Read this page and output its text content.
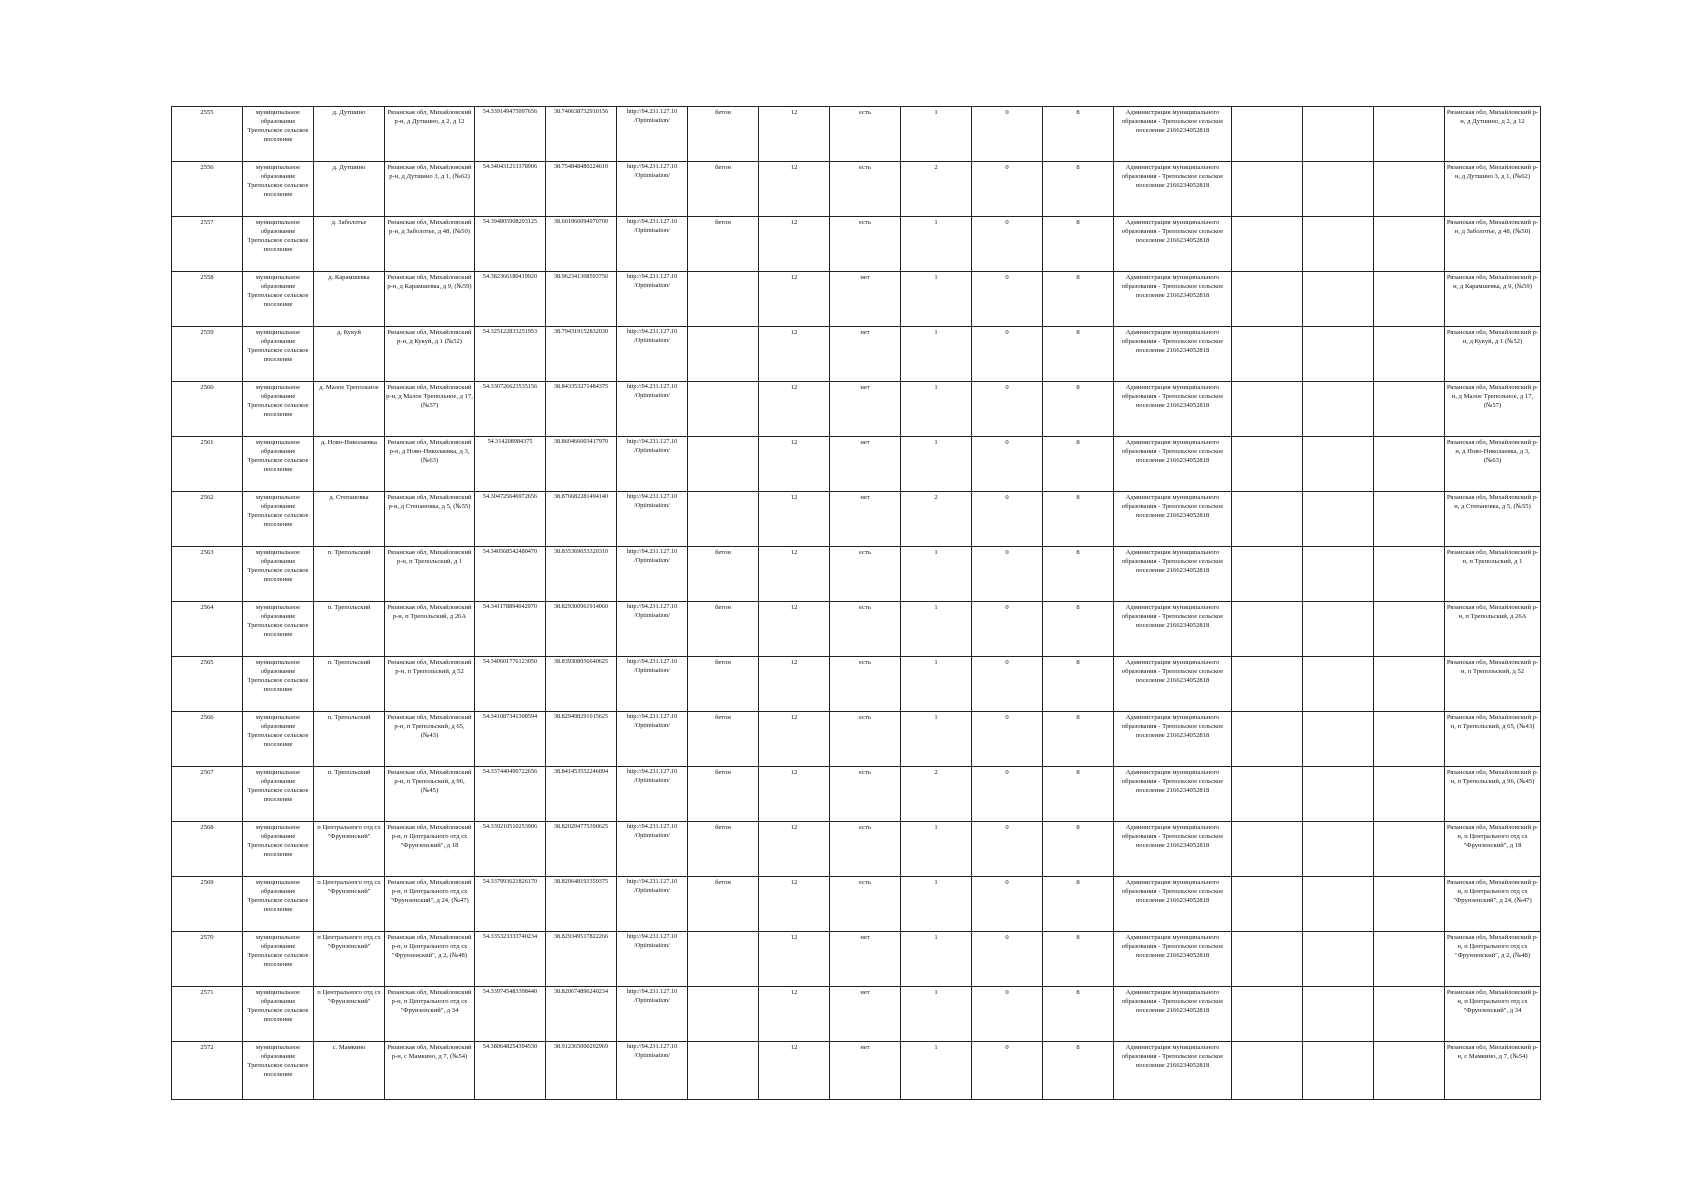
2555	муниципальное образование Трепольское сельское поселение	д. Дутшино	Рязанская обл, Михайловский р-н, д Дутшино, д 2, д 12	54.339149475097656	38.740638732910156	http://94.231.127.10 /Optimisation/	бетон	12	есть	1	0	8	Администрация муниципального образования - Трепольское сельское поселение 2166234052818				Рязанская обл, Михайловский р-н, д Дутшино, д 2, д 12
2556	муниципальное образование Трепольское сельское поселение	д. Дутшино	Рязанская обл, Михайловский р-н, д Дутшино 3, д 1, (№62)	54.340431213378906	38.754848480224610	http://94.231.127.10 /Optimisation/	бетон	12	есть	2	0	8	Администрация муниципального образования - Трепольское сельское поселение 2166234052818				Рязанская обл, Михайловский р-н, д Дутшино 3, д 1, (№62)
2557	муниципальное образование Трепольское сельское поселение	д. Заболотье	Рязанская обл, Михайловский р-н, д Заболотье, д 48, (№50)	54.394805908203125	38.601966094970700	http://94.231.127.10 /Optimisation/	бетон	12	есть	1	0	8	Администрация муниципального образования - Трепольское сельское поселение 2166234052818				Рязанская обл, Михайловский р-н, д Заболотье, д 48, (№50)
2558	муниципальное образование Трепольское сельское поселение	д. Карамшевка	Рязанская обл, Михайловский р-н, д Карамшевка, д 9, (№59)	54.382366180419920	38.962341308593750	http://94.231.127.10 /Optimisation/		12	нет	1	0	8	Администрация муниципального образования - Трепольское сельское поселение 2166234052818				Рязанская обл, Михайловский р-н, д Карамшевка, д 9, (№59)
2559	муниципальное образование Трепольское сельское поселение	д. Кукуй	Рязанская обл, Михайловский р-н, д Кукуй, д 1 (№52)	54.325122833251953	38.794319152832030	http://94.231.127.10 /Optimisation/		12	нет	1	0	8	Администрация муниципального образования - Трепольское сельское поселение 2166234052818				Рязанская обл, Михайловский р-н, д Кукуй, д 1 (№52)
2560	муниципальное образование Трепольское сельское поселение	д. Малое Трепольное	Рязанская обл, Михайловский р-н, д Малое Трепольное, д 17, (№57)	54.330726623535156	38.843353271484375	http://94.231.127.10 /Optimisation/		12	нет	1	0	8	Администрация муниципального образования - Трепольское сельское поселение 2166234052818				Рязанская обл, Михайловский р-н, д Малое Трепольное, д 17, (№57)
2561	муниципальное образование Трепольское сельское поселение	д. Ново-Николаевка	Рязанская обл, Михайловский р-н, д Ново-Николаевка, д 3, (№63)	54.314208984375	38.860466003417970	http://94.231.127.10 /Optimisation/		12	нет	1	0	8	Администрация муниципального образования - Трепольское сельское поселение 2166234052818				Рязанская обл, Михайловский р-н, д Ново-Николаевка, д 3, (№63)
2562	муниципальное образование Трепольское сельское поселение	д. Степановка	Рязанская обл, Михайловский р-н, д Степановка, д 5, (№55)	54.304725646972656	38.876682281494140	http://94.231.127.10 /Optimisation/		12	нет	2	0	8	Администрация муниципального образования - Трепольское сельское поселение 2166234052818				Рязанская обл, Михайловский р-н, д Степановка, д 5, (№55)
2563	муниципальное образование Трепольское сельское поселение	п. Трепольский	Рязанская обл, Михайловский р-н, п Трепольский, д 1	54.340568542480470	38.835369653320310	http://94.231.127.10 /Optimisation/	бетон	12	есть	1	0	8	Администрация муниципального образования - Трепольское сельское поселение 2166234052818				Рязанская обл, Михайловский р-н, п Трепольский, д 1
2564	муниципальное образование Трепольское сельское поселение	п. Трепольский	Рязанская обл, Михайловский р-н, п Трепольский, д 26А	54.341178894042970	38.829300961914060	http://94.231.127.10 /Optimisation/	бетон	12	есть	1	0	8	Администрация муниципального образования - Трепольское сельское поселение 2166234052818				Рязанская обл, Михайловский р-н, п Трепольский, д 26А
2565	муниципальное образование Трепольское сельское поселение	п. Трепольский	Рязанская обл, Михайловский р-н, п Трепольский, д 52	54.340601776123050	38.839308056640625	http://94.231.127.10 /Optimisation/	бетон	12	есть	1	0	8	Администрация муниципального образования - Трепольское сельское поселение 2166234052818				Рязанская обл, Михайловский р-н, п Трепольский, д 52
2566	муниципальное образование Трепольское сельское поселение	п. Трепольский	Рязанская обл, Михайловский р-н, п Трепольский, д 65, (№43)	54.341087341308594	38.829498291015625	http://94.231.127.10 /Optimisation/	бетон	12	есть	1	0	8	Администрация муниципального образования - Трепольское сельское поселение 2166234052818				Рязанская обл, Михайловский р-н, п Трепольский, д 65, (№43)
2567	муниципальное образование Трепольское сельское поселение	п. Трепольский	Рязанская обл, Михайловский р-н, п Трепольский, д 96, (№45)	54.337440490722656	38.841453552246094	http://94.231.127.10 /Optimisation/	бетон	12	есть	2	0	8	Администрация муниципального образования - Трепольское сельское поселение 2166234052818				Рязанская обл, Михайловский р-н, п Трепольский, д 96, (№45)
2568	муниципальное образование Трепольское сельское поселение	п Центрального отд сх "Фрунзенский"	Рязанская обл, Михайловский р-н, п Центрального отд сх "Фрунзенский", д 18	54.339210510253906	38.820294775390625	http://94.231.127.10 /Optimisation/	бетон	12	есть	1	0	8	Администрация муниципального образования - Трепольское сельское поселение 2166234052818				Рязанская обл, Михайловский р-н, п Центрального отд сх "Фрунзенский", д 18
2569	муниципальное образование Трепольское сельское поселение	п Центрального отд сх "Фрунзенский"	Рязанская обл, Михайловский р-н, п Центрального отд сх "Фрунзенский", д 24, (№47)	54.337993621826170	38.820648193359375	http://94.231.127.10 /Optimisation/	бетон	12	есть	1	0	8	Администрация муниципального образования - Трепольское сельское поселение 2166234052818				Рязанская обл, Михайловский р-н, п Центрального отд сх "Фрунзенский", д 24, (№47)
2570	муниципальное образование Трепольское сельское поселение	п Центрального отд сх "Фрунзенский"	Рязанская обл, Михайловский р-н, п Центрального отд сх "Фрунзенский", д 2, (№48)	54.335323333740234	38.829349517822266	http://94.231.127.10 /Optimisation/		12	нет	1	0	8	Администрация муниципального образования - Трепольское сельское поселение 2166234052818				Рязанская обл, Михайловский р-н, п Центрального отд сх "Фрунзенский", д 2, (№48)
2571	муниципальное образование Трепольское сельское поселение	п Центрального отд сх "Фрунзенский"	Рязанская обл, Михайловский р-н, п Центрального отд сх "Фрунзенский", д 34	54.339745483398440	38.820674896240234	http://94.231.127.10 /Optimisation/		12	нет	1	0	8	Администрация муниципального образования - Трепольское сельское поселение 2166234052818				Рязанская обл, Михайловский р-н, п Центрального отд сх "Фрунзенский", д 34
2572	муниципальное образование Трепольское сельское поселение	с. Мамкино	Рязанская обл, Михайловский р-н, с Мамкино, д 7, (№54)	54.380648254394530	38.912365000292969	http://94.231.127.10 /Optimisation/		12	нет	1	0	8	Администрация муниципального образования - Трепольское сельское поселение 2166234052818				Рязанская обл, Михайловский р-н, с Мамкино, д 7, (№54)
